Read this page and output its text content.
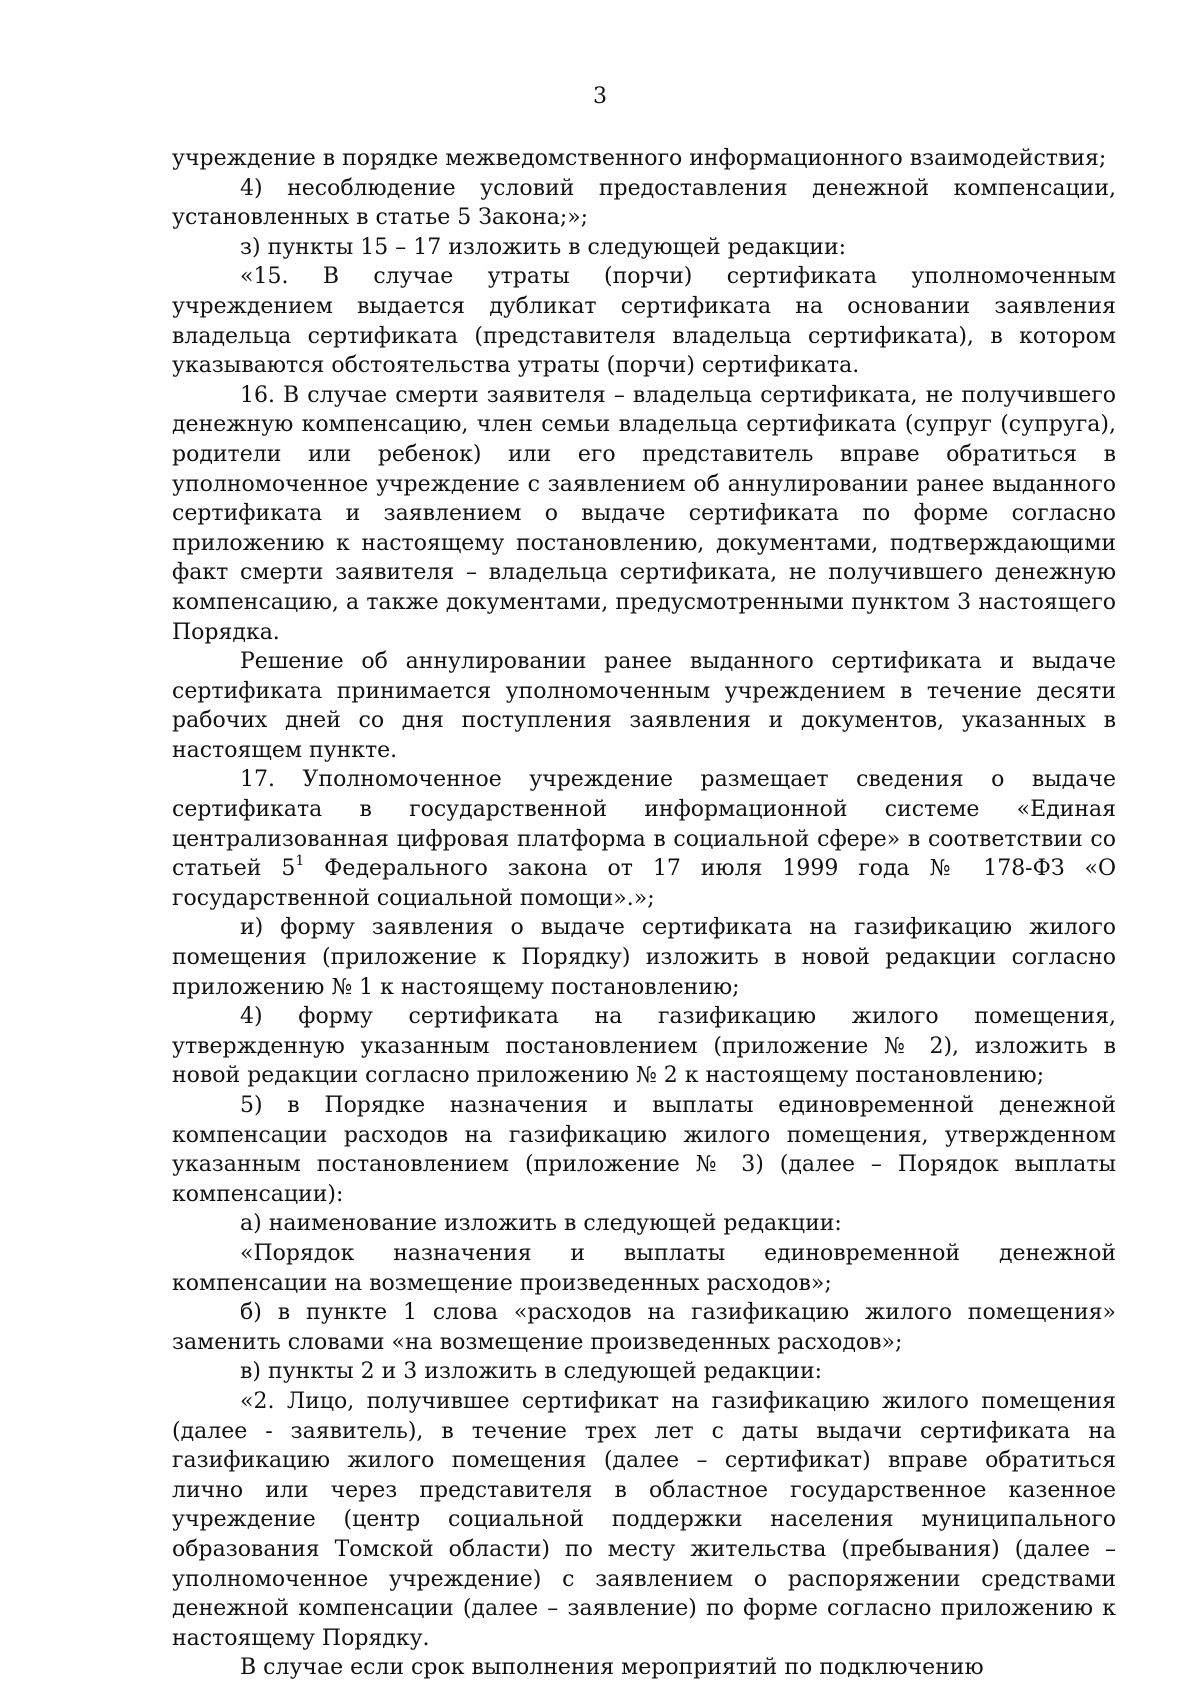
3

учреждение в порядке межведомственного информационного взаимодействия;

4) несоблюдение условий предоставления денежной компенсации, установленных в статье 5 Закона;»;

з) пункты 15 – 17 изложить в следующей редакции:

«15. В случае утраты (порчи) сертификата уполномоченным учреждением выдается дубликат сертификата на основании заявления владельца сертификата (представителя владельца сертификата), в котором указываются обстоятельства утраты (порчи) сертификата.

16. В случае смерти заявителя – владельца сертификата, не получившего денежную компенсацию, член семьи владельца сертификата (супруг (супруга), родители или ребенок) или его представитель вправе обратиться в уполномоченное учреждение с заявлением об аннулировании ранее выданного сертификата и заявлением о выдаче сертификата по форме согласно приложению к настоящему постановлению, документами, подтверждающими факт смерти заявителя – владельца сертификата, не получившего денежную компенсацию, а также документами, предусмотренными пунктом 3 настоящего Порядка.

Решение об аннулировании ранее выданного сертификата и выдаче сертификата принимается уполномоченным учреждением в течение десяти рабочих дней со дня поступления заявления и документов, указанных в настоящем пункте.

17. Уполномоченное учреждение размещает сведения о выдаче сертификата в государственной информационной системе «Единая централизованная цифровая платформа в социальной сфере» в соответствии со статьей $5^1$ Федерального закона от 17 июля 1999 года № 178-ФЗ «О государственной социальной помощи».»;

и) форму заявления о выдаче сертификата на газификацию жилого помещения (приложение к Порядку) изложить в новой редакции согласно приложению № 1 к настоящему постановлению;

4) форму сертификата на газификацию жилого помещения, утвержденную указанным постановлением (приложение № 2), изложить в новой редакции согласно приложению № 2 к настоящему постановлению;

5) в Порядке назначения и выплаты единовременной денежной компенсации расходов на газификацию жилого помещения, утвержденном указанным постановлением (приложение № 3) (далее – Порядок выплаты компенсации):

а) наименование изложить в следующей редакции:

«Порядок назначения и выплаты единовременной денежной компенсации на возмещение произведенных расходов»;

б) в пункте 1 слова «расходов на газификацию жилого помещения» заменить словами «на возмещение произведенных расходов»;

в) пункты 2 и 3 изложить в следующей редакции:

«2. Лицо, получившее сертификат на газификацию жилого помещения (далее - заявитель), в течение трех лет с даты выдачи сертификата на газификацию жилого помещения (далее – сертификат) вправе обратиться лично или через представителя в областное государственное казенное учреждение (центр социальной поддержки населения муниципального образования Томской области) по месту жительства (пребывания) (далее – уполномоченное учреждение) с заявлением о распоряжении средствами денежной компенсации (далее – заявление) по форме согласно приложению к настоящему Порядку.

В случае если срок выполнения мероприятий по подключению
